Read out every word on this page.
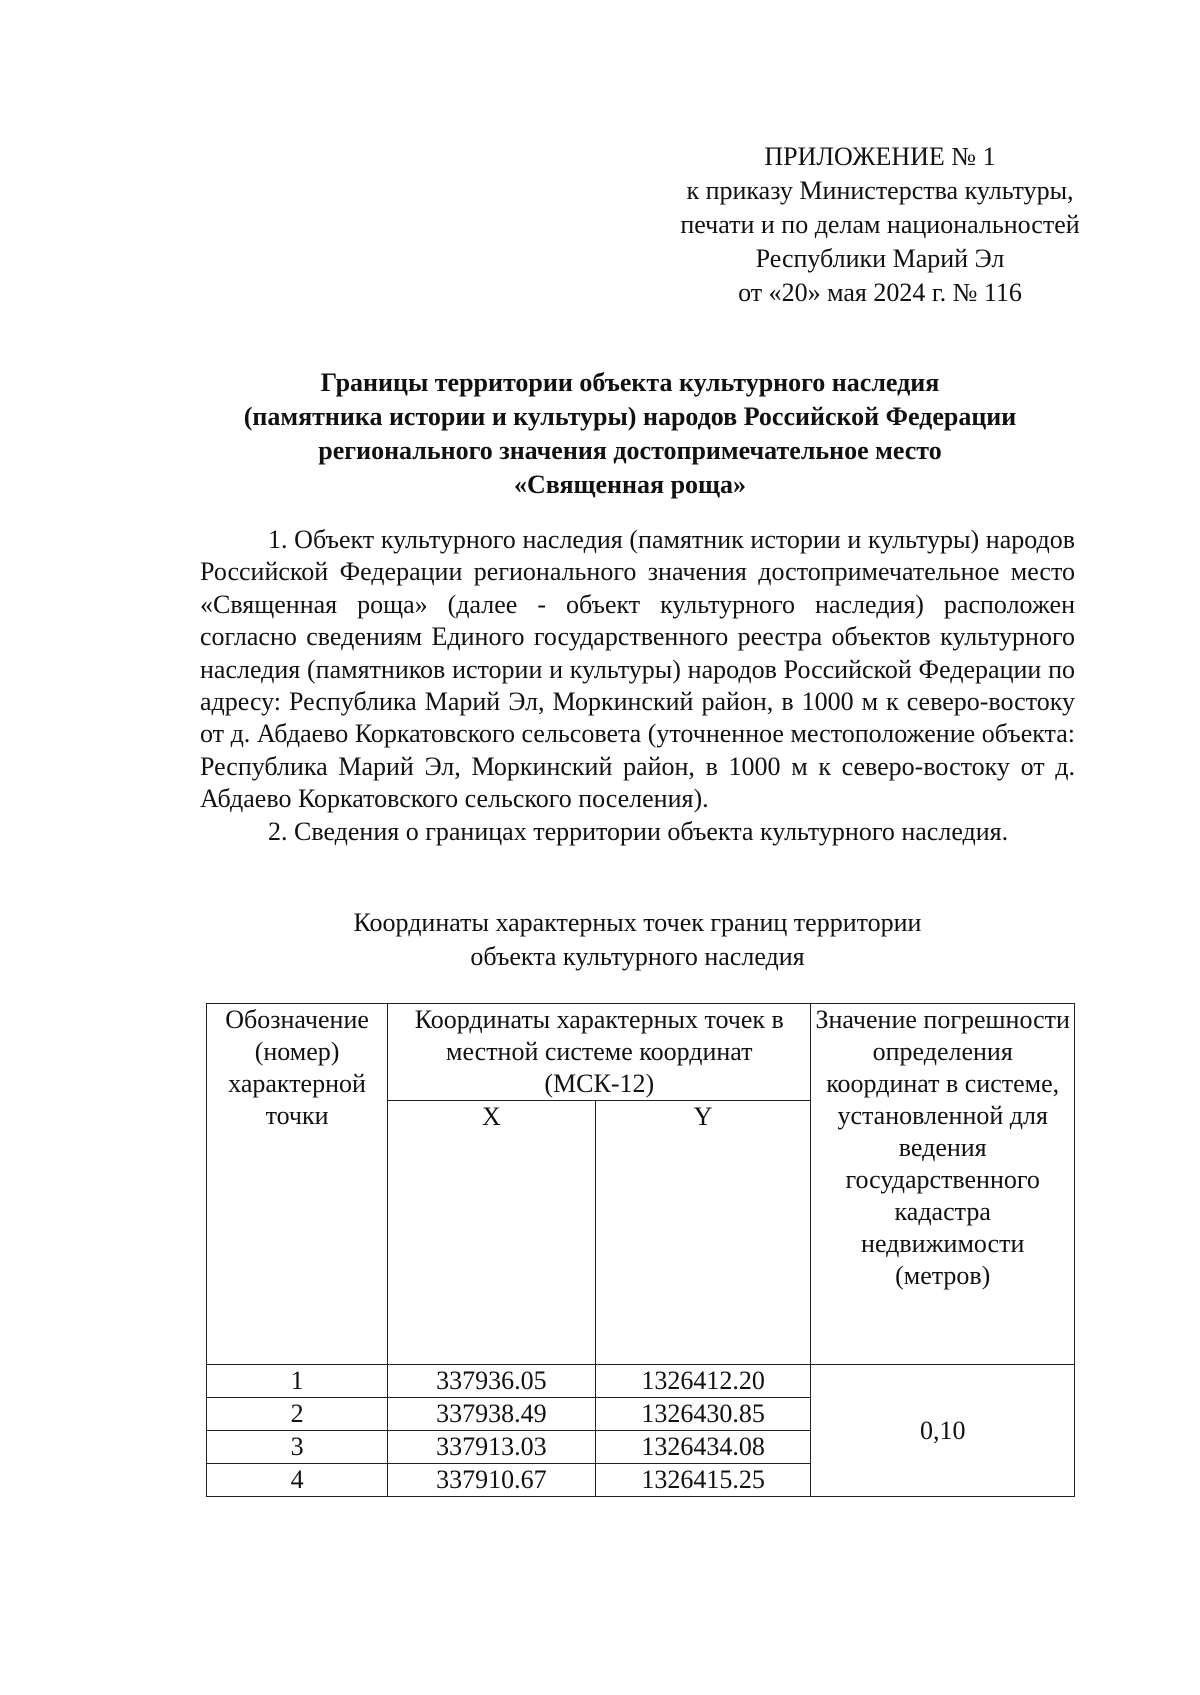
ПРИЛОЖЕНИЕ № 1
к приказу Министерства культуры,
печати и по делам национальностей
Республики Марий Эл
от «20» мая 2024 г. № 116
Границы территории объекта культурного наследия
(памятника истории и культуры) народов Российской Федерации
регионального значения достопримечательное место
«Священная роща»

1. Объект культурного наследия (памятник истории и культуры) народов Российской Федерации регионального значения достопримечательное место «Священная роща» (далее - объект культурного наследия) расположен согласно сведениям Единого государственного реестра объектов культурного наследия (памятников истории и культуры) народов Российской Федерации по адресу: Республика Марий Эл, Моркинский район, в 1000 м к северо-востоку от д. Абдаево Коркатовского сельсовета (уточненное местоположение объекта: Республика Марий Эл, Моркинский район, в 1000 м к северо-востоку от д. Абдаево Коркатовского сельского поселения).

2. Сведения о границах территории объекта культурного наследия.

Координаты характерных точек границ территории
объекта культурного наследия
Обозначение (номер) характерной точки	Координаты характерных точек в местной системе координат (МСК-12)		Значение погрешности определения координат в системе, установленной для ведения государственного кадастра недвижимости (метров)
	X	Y	
1	337936.05	1326412.20	0,10
2	337938.49	1326430.85	
3	337913.03	1326434.08	
4	337910.67	1326415.25	
